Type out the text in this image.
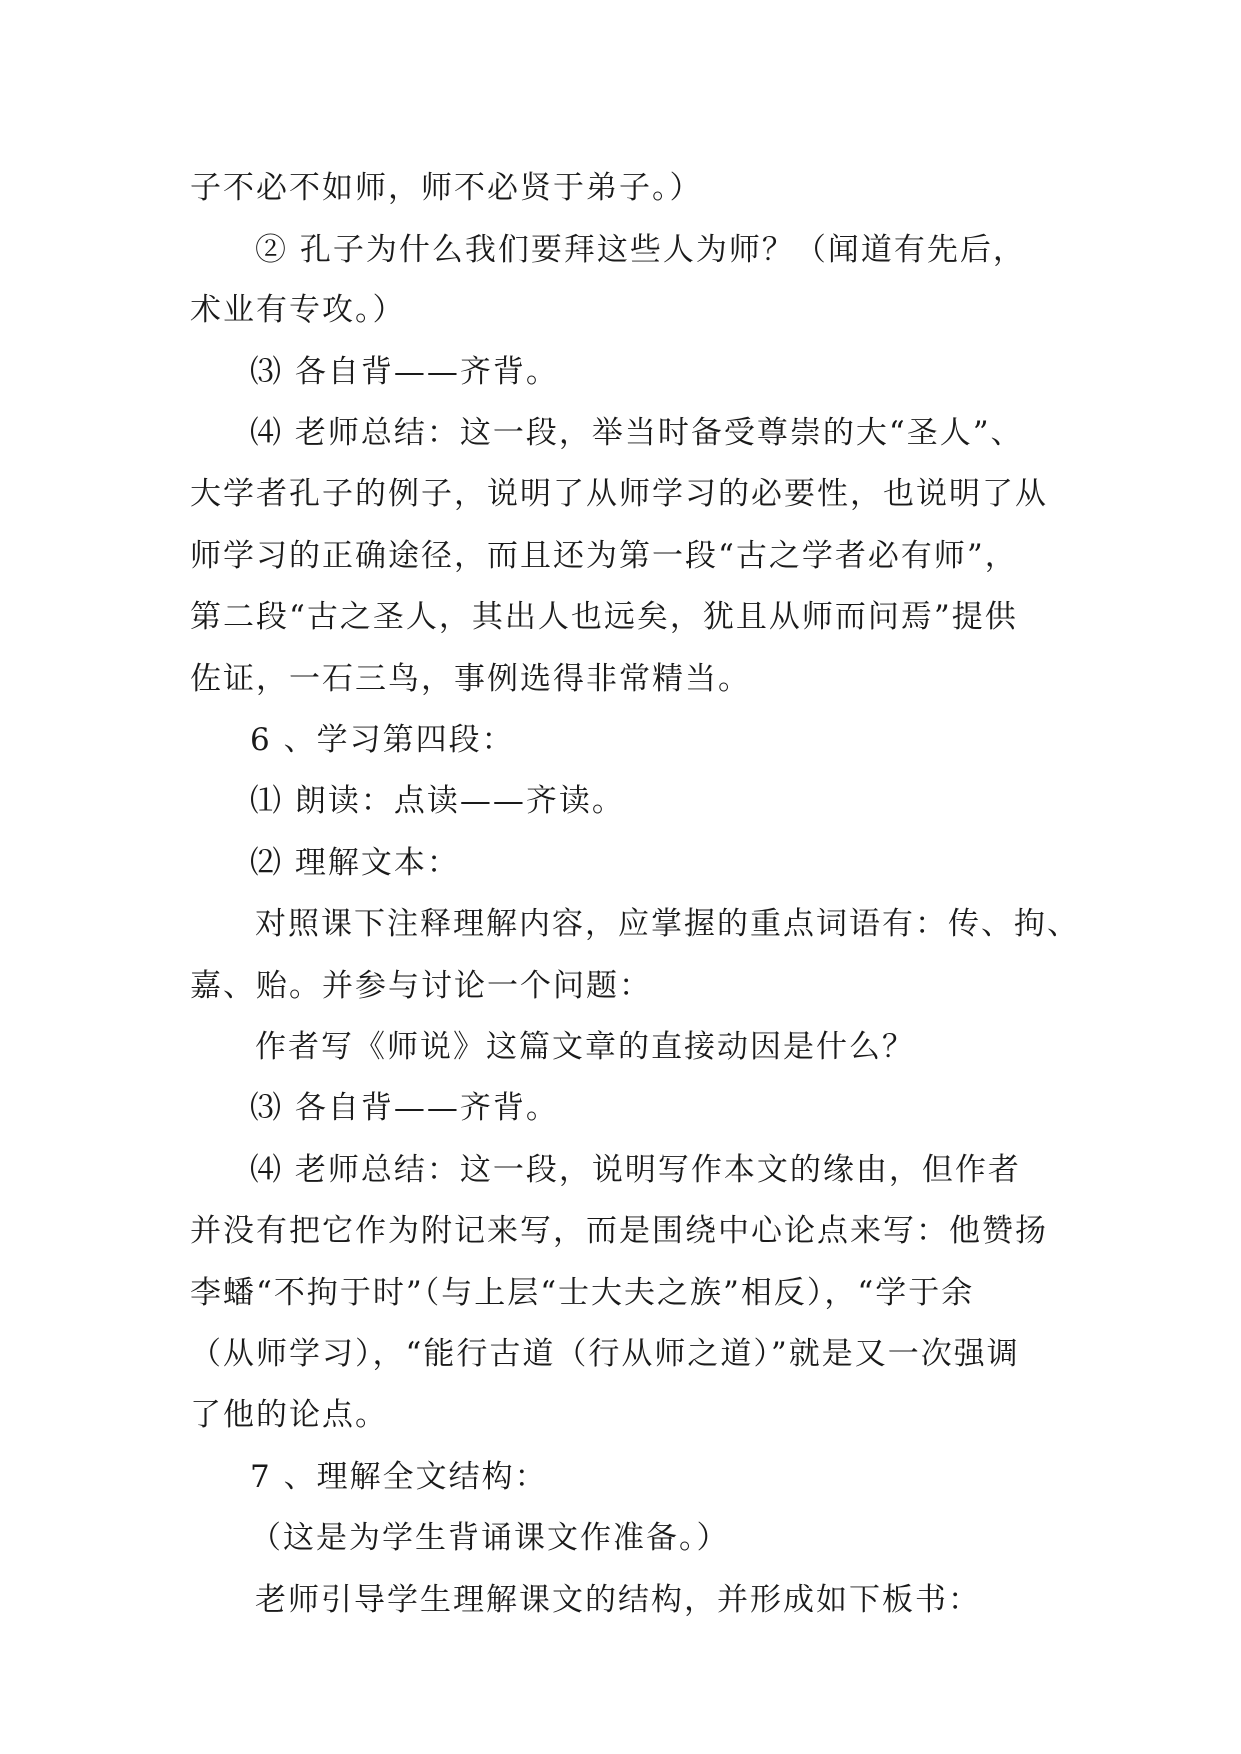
子不必不如师，师不必贤于弟子。）
② 孔子为什么我们要拜这些人为师？（闻道有先后，
术业有专攻。）
⑶ 各自背——齐背。
⑷ 老师总结：这一段，举当时备受尊崇的大“圣人”、
大学者孔子的例子，说明了从师学习的必要性，也说明了从
师学习的正确途径，而且还为第一段“古之学者必有师”，
第二段“古之圣人，其出人也远矣，犹且从师而问焉”提供
佐证，一石三鸟，事例选得非常精当。
6 、学习第四段：
⑴ 朗读：点读——齐读。
⑵ 理解文本：
对照课下注释理解内容，应掌握的重点词语有：传、拘、
嘉、贻。并参与讨论一个问题：
作者写《师说》这篇文章的直接动因是什么？
⑶ 各自背——齐背。
⑷ 老师总结：这一段，说明写作本文的缘由，但作者
并没有把它作为附记来写，而是围绕中心论点来写：他赞扬
李蟠“不拘于时”（与上层“士大夫之族”相反），“学于余
（从师学习），“能行古道（行从师之道）”就是又一次强调
了他的论点。
7 、理解全文结构：
（这是为学生背诵课文作准备。）
老师引导学生理解课文的结构，并形成如下板书：
